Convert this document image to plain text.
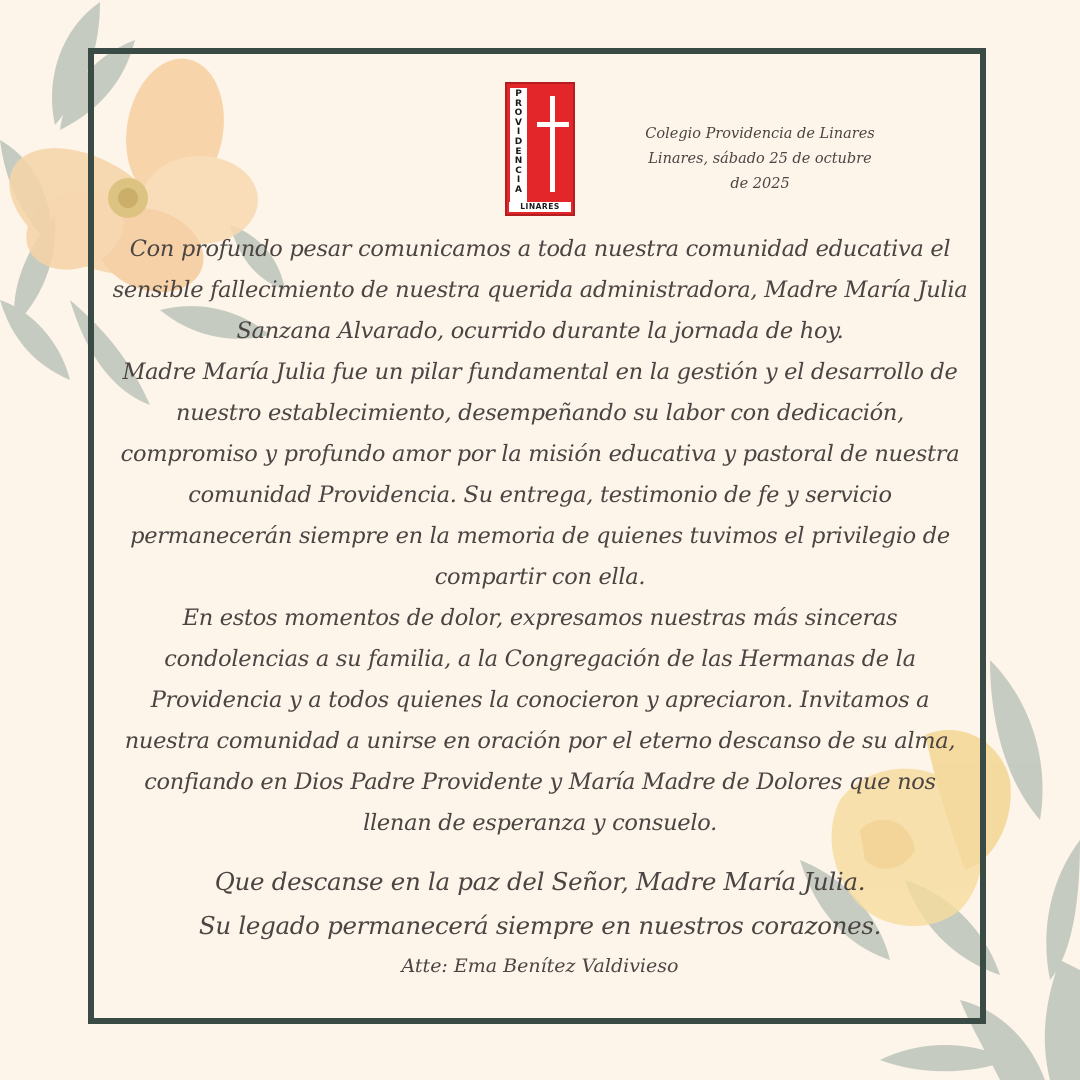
P
R
O
V
I
D
E
N
C
I
A
LINARES
Colegio Providencia de Linares
Linares, sábado 25 de octubre de 2025

Con profundo pesar comunicamos a toda nuestra comunidad educativa el sensible fallecimiento de nuestra querida administradora, Madre María Julia Sanzana Alvarado, ocurrido durante la jornada de hoy.

Madre María Julia fue un pilar fundamental en la gestión y el desarrollo de nuestro establecimiento, desempeñando su labor con dedicación, compromiso y profundo amor por la misión educativa y pastoral de nuestra comunidad Providencia. Su entrega, testimonio de fe y servicio permanecerán siempre en la memoria de quienes tuvimos el privilegio de compartir con ella.

En estos momentos de dolor, expresamos nuestras más sinceras condolencias a su familia, a la Congregación de las Hermanas de la Providencia y a todos quienes la conocieron y apreciaron. Invitamos a nuestra comunidad a unirse en oración por el eterno descanso de su alma, confiando en Dios Padre Providente y María Madre de Dolores que nos llenan de esperanza y consuelo.

Que descanse en la paz del Señor, Madre María Julia.

Su legado permanecerá siempre en nuestros corazones.

Atte: Ema Benítez Valdivieso
